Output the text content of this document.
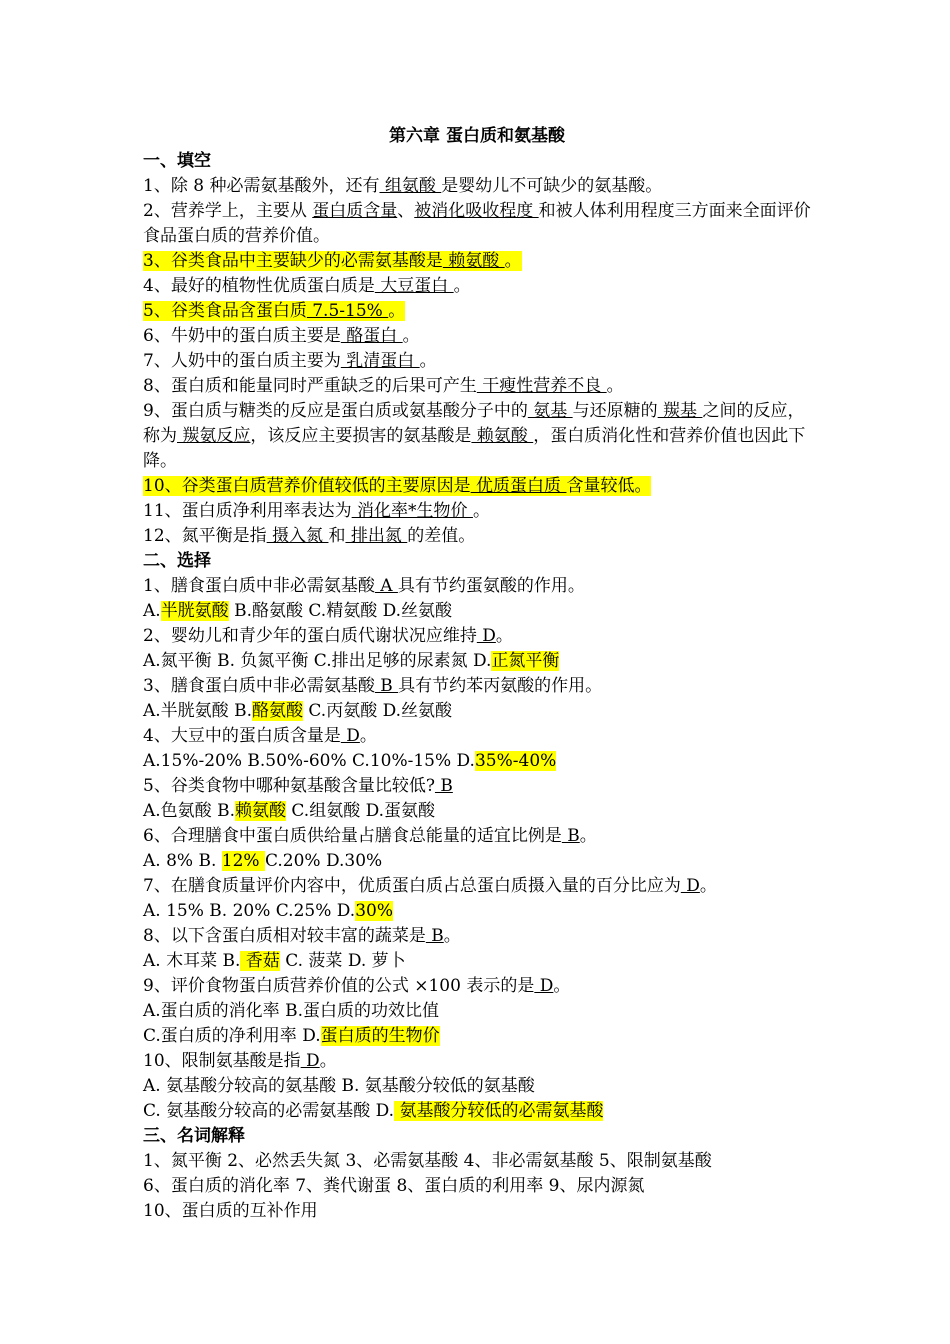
第六章 蛋白质和氨基酸

一、填空

1、除 8 种必需氨基酸外，还有 组氨酸 是婴幼儿不可缺少的氨基酸。

2、营养学上，主要从 蛋白质含量、被消化吸收程度 和被人体利用程度三方面来全面评价食品蛋白质的营养价值。

3、谷类食品中主要缺少的必需氨基酸是 赖氨酸 。

4、最好的植物性优质蛋白质是 大豆蛋白 。

5、谷类食品含蛋白质 7.5-15% 。

6、牛奶中的蛋白质主要是 酪蛋白 。

7、人奶中的蛋白质主要为 乳清蛋白 。

8、蛋白质和能量同时严重缺乏的后果可产生 干瘦性营养不良 。

9、蛋白质与糖类的反应是蛋白质或氨基酸分子中的 氨基 与还原糖的 羰基 之间的反应，称为 羰氨反应，该反应主要损害的氨基酸是 赖氨酸 ，蛋白质消化性和营养价值也因此下降。

10、谷类蛋白质营养价值较低的主要原因是 优质蛋白质 含量较低。

11、蛋白质净利用率表达为 消化率*生物价 。

12、氮平衡是指 摄入氮 和 排出氮 的差值。

二、选择

1、膳食蛋白质中非必需氨基酸 A 具有节约蛋氨酸的作用。

A.半胱氨酸 B.酪氨酸 C.精氨酸 D.丝氨酸

2、婴幼儿和青少年的蛋白质代谢状况应维持 D。

A.氮平衡 B. 负氮平衡 C.排出足够的尿素氮 D.正氮平衡

3、膳食蛋白质中非必需氨基酸 B 具有节约苯丙氨酸的作用。

A.半胱氨酸 B.酪氨酸 C.丙氨酸 D.丝氨酸

4、大豆中的蛋白质含量是 D。

A.15%-20% B.50%-60% C.10%-15% D.35%-40%

5、谷类食物中哪种氨基酸含量比较低? B

A.色氨酸 B.赖氨酸 C.组氨酸 D.蛋氨酸

6、合理膳食中蛋白质供给量占膳食总能量的适宜比例是 B。

A. 8% B. 12% C.20% D.30%

7、在膳食质量评价内容中，优质蛋白质占总蛋白质摄入量的百分比应为 D。

A. 15% B. 20% C.25% D.30%

8、以下含蛋白质相对较丰富的蔬菜是 B。

A. 木耳菜 B. 香菇 C. 菠菜 D. 萝卜

9、评价食物蛋白质营养价值的公式 ×100 表示的是 D。

A.蛋白质的消化率 B.蛋白质的功效比值

C.蛋白质的净利用率 D.蛋白质的生物价

10、限制氨基酸是指 D。

A. 氨基酸分较高的氨基酸 B. 氨基酸分较低的氨基酸

C. 氨基酸分较高的必需氨基酸 D. 氨基酸分较低的必需氨基酸

三、名词解释

1、氮平衡 2、必然丢失氮 3、必需氨基酸 4、非必需氨基酸 5、限制氨基酸

6、蛋白质的消化率 7、粪代谢蛋 8、蛋白质的利用率 9、尿内源氮

10、蛋白质的互补作用
